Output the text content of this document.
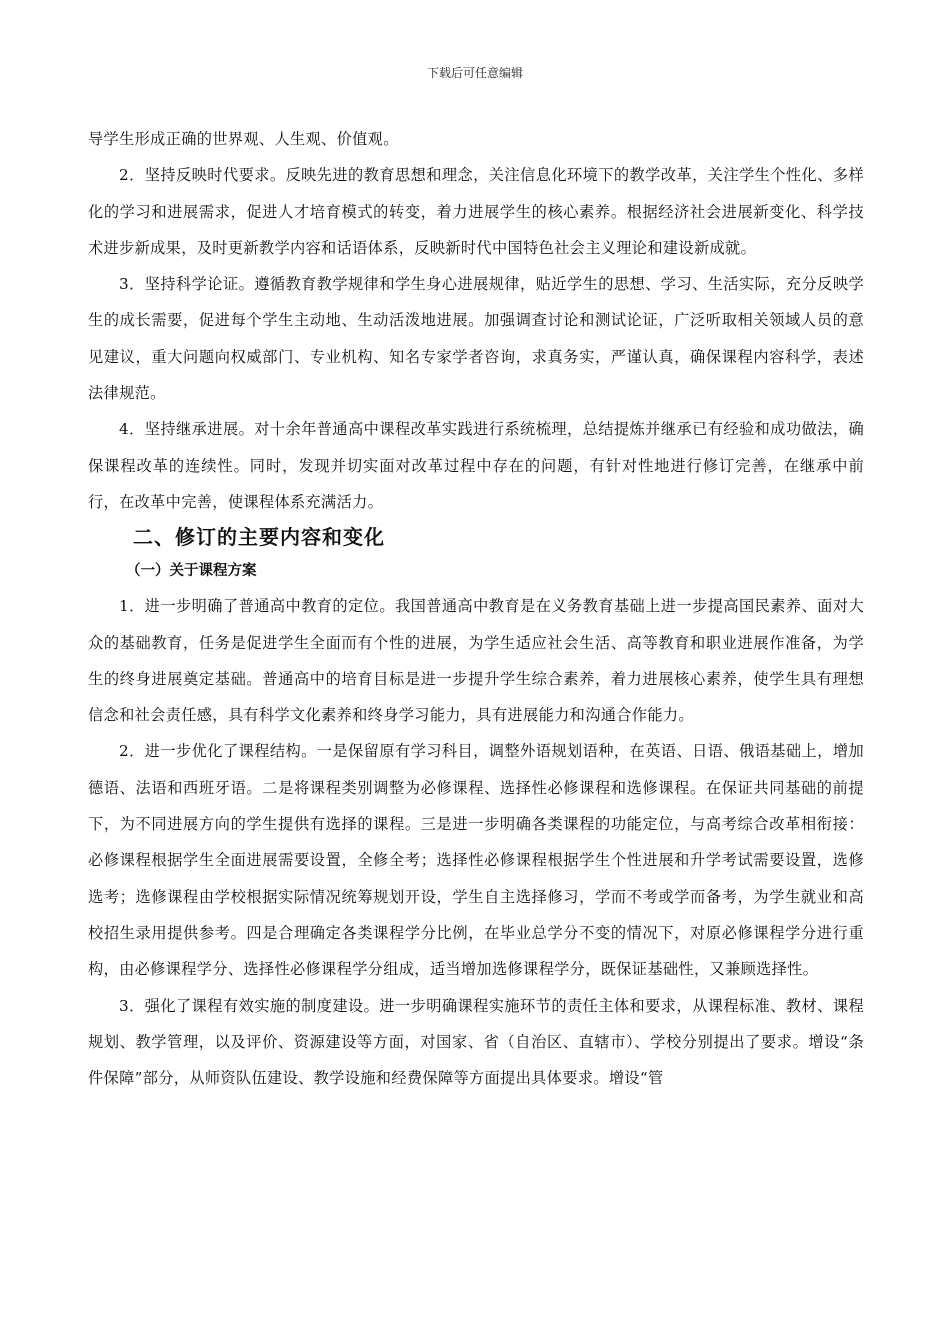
下载后可任意编辑

导学生形成正确的世界观、人生观、价值观。

2．坚持反映时代要求。反映先进的教育思想和理念，关注信息化环境下的教学改革，关注学生个性化、多样化的学习和进展需求，促进人才培育模式的转变，着力进展学生的核心素养。根据经济社会进展新变化、科学技术进步新成果，及时更新教学内容和话语体系，反映新时代中国特色社会主义理论和建设新成就。

3．坚持科学论证。遵循教育教学规律和学生身心进展规律，贴近学生的思想、学习、生活实际，充分反映学生的成长需要，促进每个学生主动地、生动活泼地进展。加强调查讨论和测试论证，广泛听取相关领域人员的意见建议，重大问题向权威部门、专业机构、知名专家学者咨询，求真务实，严谨认真，确保课程内容科学，表述法律规范。

4．坚持继承进展。对十余年普通高中课程改革实践进行系统梳理，总结提炼并继承已有经验和成功做法，确保课程改革的连续性。同时，发现并切实面对改革过程中存在的问题，有针对性地进行修订完善，在继承中前行，在改革中完善，使课程体系充满活力。

二、修订的主要内容和变化
（一）关于课程方案

1．进一步明确了普通高中教育的定位。我国普通高中教育是在义务教育基础上进一步提高国民素养、面对大众的基础教育，任务是促进学生全面而有个性的进展，为学生适应社会生活、高等教育和职业进展作准备，为学生的终身进展奠定基础。普通高中的培育目标是进一步提升学生综合素养，着力进展核心素养，使学生具有理想信念和社会责任感，具有科学文化素养和终身学习能力，具有进展能力和沟通合作能力。

2．进一步优化了课程结构。一是保留原有学习科目，调整外语规划语种，在英语、日语、俄语基础上，增加德语、法语和西班牙语。二是将课程类别调整为必修课程、选择性必修课程和选修课程。在保证共同基础的前提下，为不同进展方向的学生提供有选择的课程。三是进一步明确各类课程的功能定位，与高考综合改革相衔接：必修课程根据学生全面进展需要设置，全修全考；选择性必修课程根据学生个性进展和升学考试需要设置，选修选考；选修课程由学校根据实际情况统筹规划开设，学生自主选择修习，学而不考或学而备考，为学生就业和高校招生录用提供参考。四是合理确定各类课程学分比例，在毕业总学分不变的情况下，对原必修课程学分进行重构，由必修课程学分、选择性必修课程学分组成，适当增加选修课程学分，既保证基础性，又兼顾选择性。

3．强化了课程有效实施的制度建设。进一步明确课程实施环节的责任主体和要求，从课程标准、教材、课程规划、教学管理，以及评价、资源建设等方面，对国家、省（自治区、直辖市）、学校分别提出了要求。增设“条件保障”部分，从师资队伍建设、教学设施和经费保障等方面提出具体要求。增设“管
